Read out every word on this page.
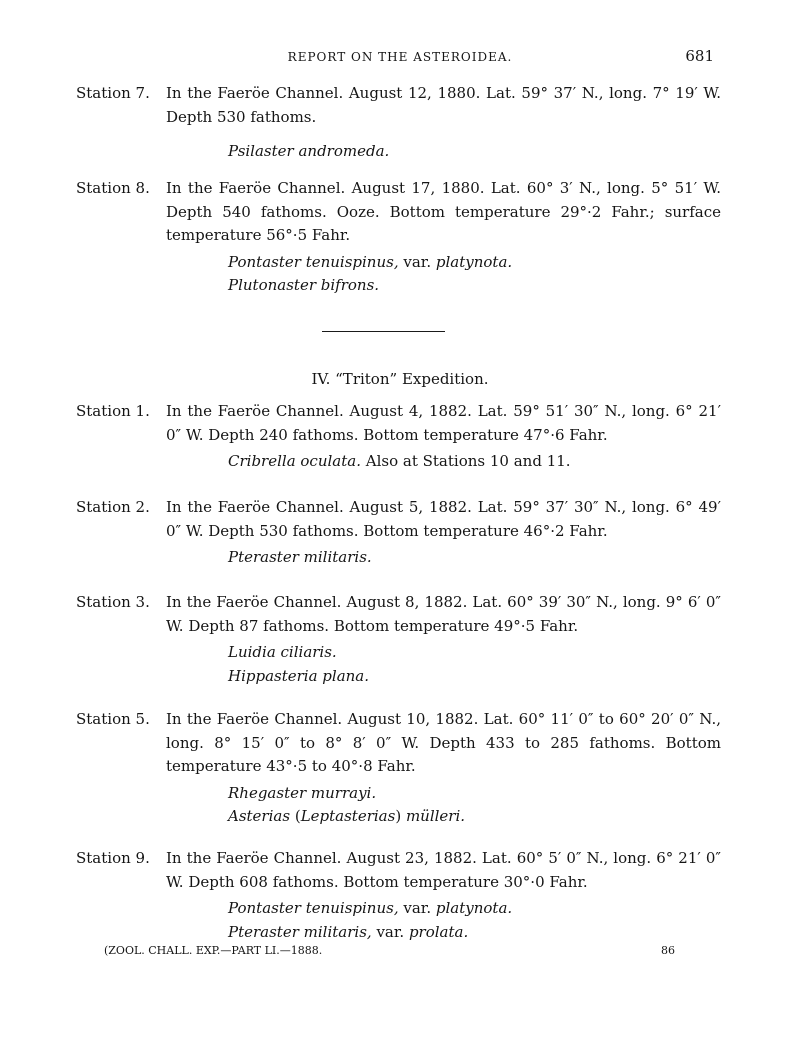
REPORT ON THE ASTEROIDEA.	681
Station 7. In the Faeröe Channel. August 12, 1880. Lat. 59° 37′ N., long. 7° 19′ W. Depth 530 fathoms.
Psilaster andromeda.
Station 8. In the Faeröe Channel. August 17, 1880. Lat. 60° 3′ N., long. 5° 51′ W. Depth 540 fathoms. Ooze. Bottom temperature 29°·2 Fahr.; surface temperature 56°·5 Fahr.
Pontaster tenuispinus, var. platynota.
Plutonaster bifrons.
IV. “Triton” Expedition.
Station 1. In the Faeröe Channel. August 4, 1882. Lat. 59° 51′ 30″ N., long. 6° 21′ 0″ W. Depth 240 fathoms. Bottom temperature 47°·6 Fahr.
Cribrella oculata. Also at Stations 10 and 11.
Station 2. In the Faeröe Channel. August 5, 1882. Lat. 59° 37′ 30″ N., long. 6° 49′ 0″ W. Depth 530 fathoms. Bottom temperature 46°·2 Fahr.
Pteraster militaris.
Station 3. In the Faeröe Channel. August 8, 1882. Lat. 60° 39′ 30″ N., long. 9° 6′ 0″ W. Depth 87 fathoms. Bottom temperature 49°·5 Fahr.
Luidia ciliaris.
Hippasteria plana.
Station 5. In the Faeröe Channel. August 10, 1882. Lat. 60° 11′ 0″ to 60° 20′ 0″ N., long. 8° 15′ 0″ to 8° 8′ 0″ W. Depth 433 to 285 fathoms. Bottom temperature 43°·5 to 40°·8 Fahr.
Rhegaster murrayi.
Asterias (Leptasterias) mülleri.
Station 9. In the Faeröe Channel. August 23, 1882. Lat. 60° 5′ 0″ N., long. 6° 21′ 0″ W. Depth 608 fathoms. Bottom temperature 30°·0 Fahr.
Pontaster tenuispinus, var. platynota.
Pteraster militaris, var. prolata.
(ZOOL. CHALL. EXP.—PART LI.—1888.	86
